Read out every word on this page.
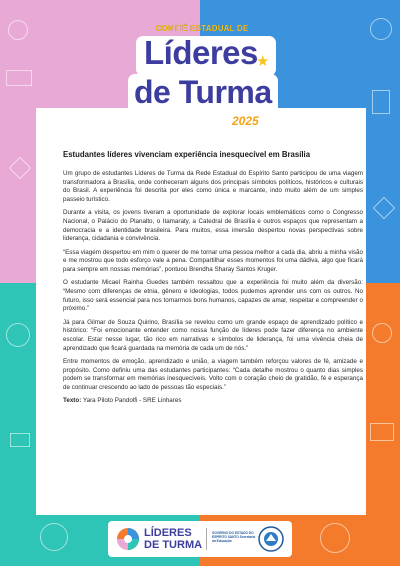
COMITÊ ESTADUAL DE
Líderes
de Turma
★
2025
Estudantes líderes vivenciam experiência inesquecível em Brasília

Um grupo de estudantes Líderes de Turma da Rede Estadual do Espírito Santo participou de uma viagem transformadora a Brasília, onde conheceram alguns dos principais símbolos políticos, históricos e culturais do Brasil. A experiência foi descrita por eles como única e marcante, indo muito além de um simples passeio turístico.

Durante a visita, os jovens tiveram a oportunidade de explorar locais emblemáticos como o Congresso Nacional, o Palácio do Planalto, o Itamaraty, a Catedral de Brasília e outros espaços que representam a democracia e a identidade brasileira. Para muitos, essa imersão despertou novas perspectivas sobre liderança, cidadania e convivência.

“Essa viagem despertou em mim o querer de me tornar uma pessoa melhor a cada dia, abriu a minha visão e me mostrou que todo esforço vale a pena. Compartilhar esses momentos foi uma dádiva, algo que ficará para sempre em nossas memórias”, pontuou Brendha Sharay Santos Kruger.

O estudante Micael Rainha Guedes também ressaltou que a experiência foi muito além da diversão: “Mesmo com diferenças de etnia, gênero e ideologias, todos pudemos aprender uns com os outros. No futuro, isso será essencial para nos tornarmos bons humanos, capazes de amar, respeitar e compreender o próximo.”

Já para Gilmar de Souza Quirino, Brasília se revelou como um grande espaço de aprendizado político e histórico: “Foi emocionante entender como nossa função de líderes pode fazer diferença no ambiente escolar. Estar nesse lugar, tão rico em narrativas e símbolos de liderança, foi uma vivência cheia de aprendizado que ficará guardada na memória de cada um de nós.”

Entre momentos de emoção, aprendizado e união, a viagem também reforçou valores de fé, amizade e propósito. Como definiu uma das estudantes participantes: “Cada detalhe mostrou o quanto dias simples podem se transformar em memórias inesquecíveis. Volto com o coração cheio de gratidão, fé e esperança de continuar crescendo ao lado de pessoas tão especiais.”

Texto: Yara Piloto Pandolfi - SRE Linhares

LÍDERES
DE TURMA
GOVERNO DO ESTADO DO ESPÍRITO SANTO Secretaria da Educação
